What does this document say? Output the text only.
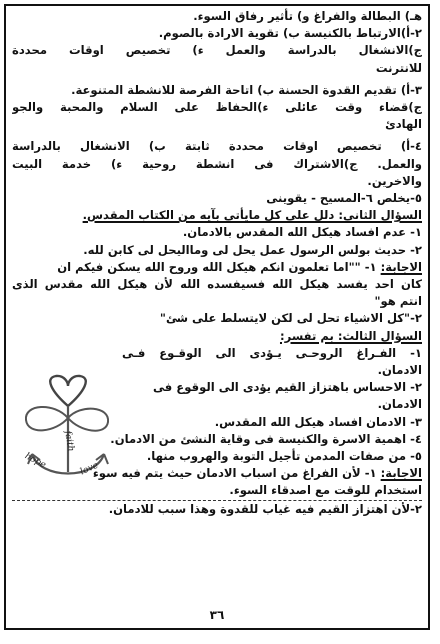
هـ) البطالة والفراغ و) تأثير رفاق السوء.
٢-أ)الارتباط بالكنيسة ب) تقوية الارادة بالصوم.
ج)الانشغال بالدراسة والعمل ء) تخصيص اوقات محددة
للانترنت
٣-أ) تقديم القدوة الحسنة ب) اتاحة الفرصة للانشطة المتنوعة.
ج)قضاء وقت عائلى ء)الحفاظ على السلام والمحبة والجو
الهادئ
٤-أ) تخصيص اوقات محددة ثابتة ب) الانشغال بالدراسة
والعمل. ج)الاشتراك فى انشطة روحية ء) خدمة البيت
والاخرين.
٥-يخلص ٦-المسيح - يقوينى
السؤال الثانى: دلل على كل مايأتى بآيه من الكتاب المقدس.
١- عدم افساد هيكل الله المقدس بالادمان.
٢- حديث بولس الرسول عمل يحل لى ومااليحل لى كابن لله.
الاجابة: ١- ""اما تعلمون انكم هيكل الله وروح الله يسكن فيكم ان
كان احد يفسد هيكل الله فسيفسده الله لأن هيكل الله مقدس الذى
انتم هو"
٢-"كل الاشياء تحل لى لكن لايتسلط على شئ"
السؤال الثالث: بم تفسر:
١- الفـراغ الروحـى يـؤدى الى الوقـوع فـى
الادمان.
٢- الاحساس باهتزاز القيم يؤدى الى الوقوع فى
الادمان.
٣- الادمان افساد هيكل الله المقدس.
٤- اهمية الاسرة والكنيسة فى وقاية النشئ من الادمان.
٥- من صفات المدمن تأجيل التوبة والهروب منها.
الاجابة: ١- لأن الفراغ من اسباب الادمان حيث يتم فيه سوء
استخدام للوقت مع اصدقاء السوء.
٢-لأن اهتزاز القيم فيه غياب للقدوة وهذا سبب للادمان.
faith
hope	love
٣٦
